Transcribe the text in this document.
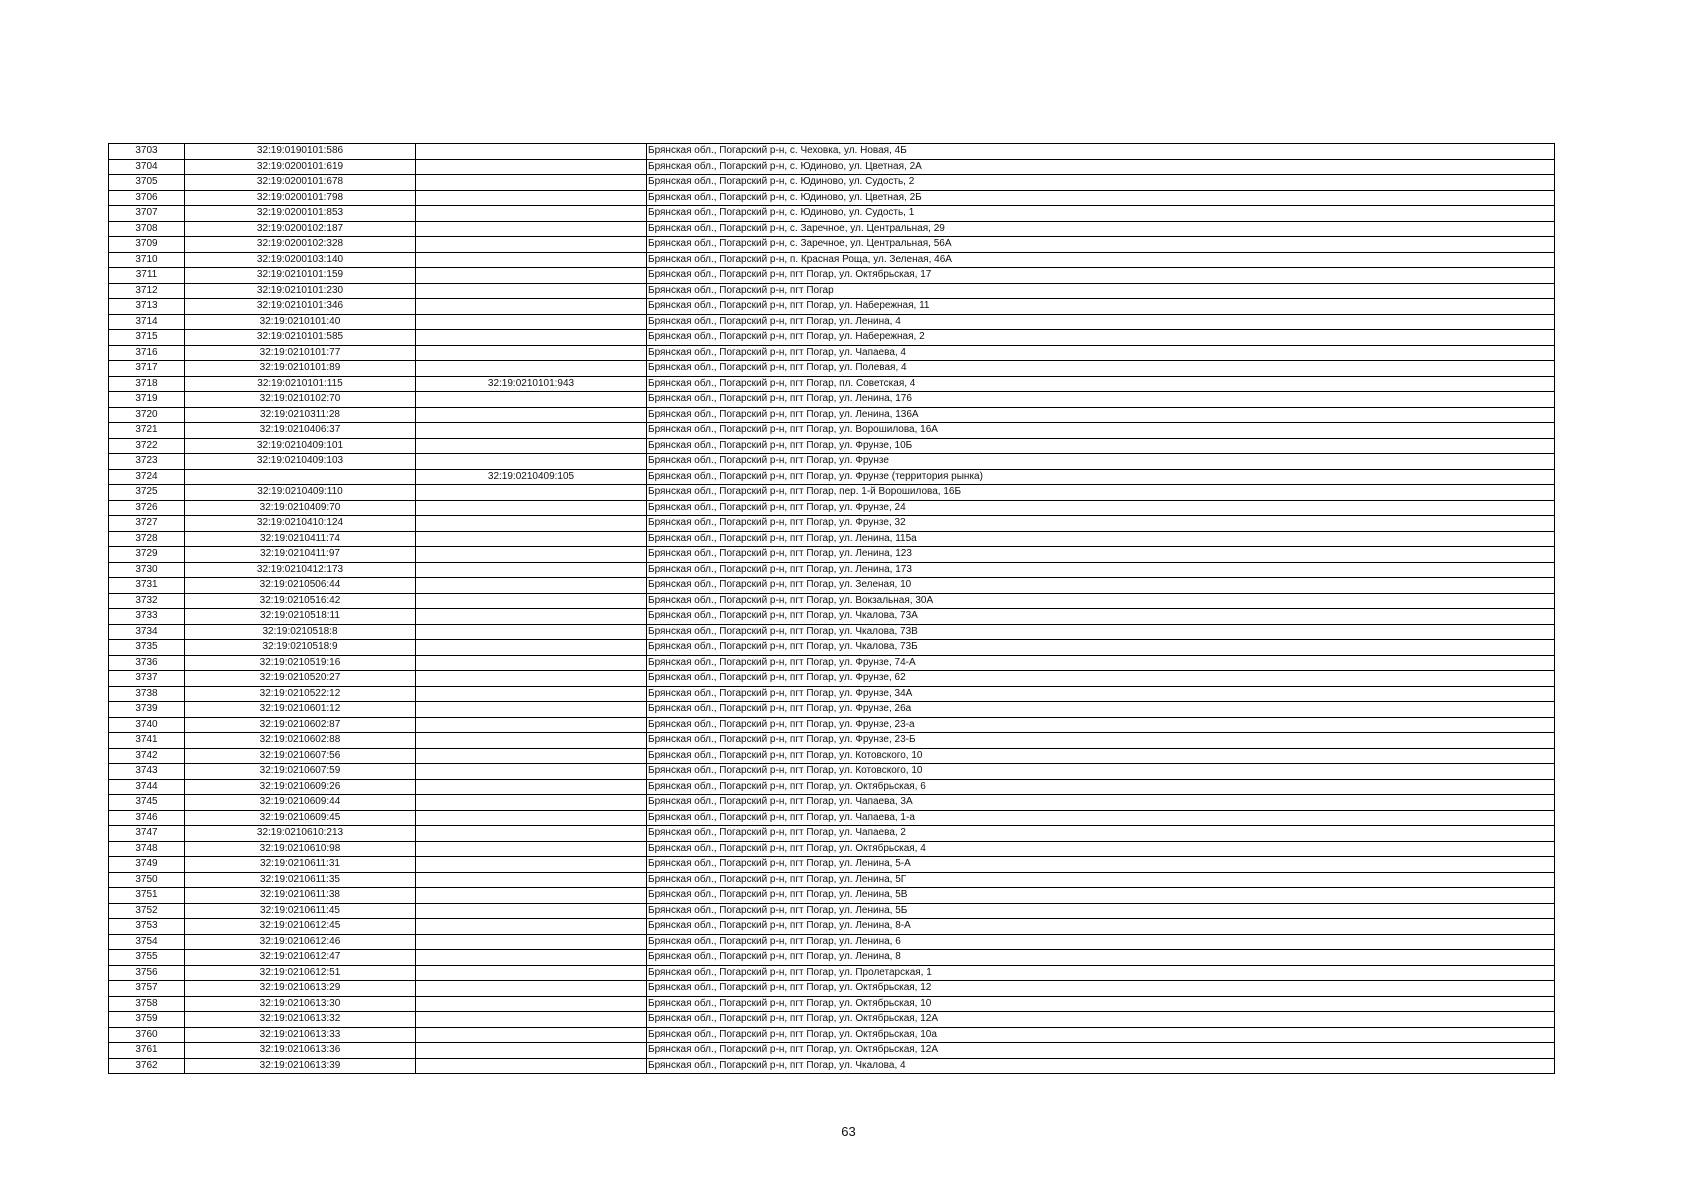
3703	32:19:0190101:586		Брянская обл., Погарский р-н, с. Чеховка, ул. Новая, 4Б
3704	32:19:0200101:619		Брянская обл., Погарский р-н, с. Юдиново, ул. Цветная, 2А
3705	32:19:0200101:678		Брянская обл., Погарский р-н, с. Юдиново, ул. Судость, 2
3706	32:19:0200101:798		Брянская обл., Погарский р-н, с. Юдиново, ул. Цветная, 2Б
3707	32:19:0200101:853		Брянская обл., Погарский р-н, с. Юдиново, ул. Судость, 1
3708	32:19:0200102:187		Брянская обл., Погарский р-н, с. Заречное, ул. Центральная, 29
3709	32:19:0200102:328		Брянская обл., Погарский р-н, с. Заречное, ул. Центральная, 56А
3710	32:19:0200103:140		Брянская обл., Погарский р-н, п. Красная Роща, ул. Зеленая, 46А
3711	32:19:0210101:159		Брянская обл., Погарский р-н, пгт Погар, ул. Октябрьская, 17
3712	32:19:0210101:230		Брянская обл., Погарский р-н, пгт Погар
3713	32:19:0210101:346		Брянская обл., Погарский р-н, пгт Погар, ул. Набережная, 11
3714	32:19:0210101:40		Брянская обл., Погарский р-н, пгт Погар, ул. Ленина, 4
3715	32:19:0210101:585		Брянская обл., Погарский р-н, пгт Погар, ул. Набережная, 2
3716	32:19:0210101:77		Брянская обл., Погарский р-н, пгт Погар, ул. Чапаева, 4
3717	32:19:0210101:89		Брянская обл., Погарский р-н, пгт Погар, ул. Полевая, 4
3718	32:19:0210101:115	32:19:0210101:943	Брянская обл., Погарский р-н, пгт Погар, пл. Советская, 4
3719	32:19:0210102:70		Брянская обл., Погарский р-н, пгт Погар, ул. Ленина, 176
3720	32:19:0210311:28		Брянская обл., Погарский р-н, пгт Погар, ул. Ленина, 136А
3721	32:19:0210406:37		Брянская обл., Погарский р-н, пгт Погар, ул. Ворошилова, 16А
3722	32:19:0210409:101		Брянская обл., Погарский р-н, пгт Погар, ул. Фрунзе, 10Б
3723	32:19:0210409:103		Брянская обл., Погарский р-н, пгт Погар, ул. Фрунзе
3724		32:19:0210409:105	Брянская обл., Погарский р-н, пгт Погар, ул. Фрунзе (территория рынка)
3725	32:19:0210409:110		Брянская обл., Погарский р-н, пгт Погар, пер. 1-й Ворошилова, 16Б
3726	32:19:0210409:70		Брянская обл., Погарский р-н, пгт Погар, ул. Фрунзе, 24
3727	32:19:0210410:124		Брянская обл., Погарский р-н, пгт Погар, ул. Фрунзе, 32
3728	32:19:0210411:74		Брянская обл., Погарский р-н, пгт Погар, ул. Ленина, 115а
3729	32:19:0210411:97		Брянская обл., Погарский р-н, пгт Погар, ул. Ленина, 123
3730	32:19:0210412:173		Брянская обл., Погарский р-н, пгт Погар, ул. Ленина, 173
3731	32:19:0210506:44		Брянская обл., Погарский р-н, пгт Погар, ул. Зеленая, 10
3732	32:19:0210516:42		Брянская обл., Погарский р-н, пгт Погар, ул. Вокзальная, 30А
3733	32:19:0210518:11		Брянская обл., Погарский р-н, пгт Погар, ул. Чкалова, 73А
3734	32:19:0210518:8		Брянская обл., Погарский р-н, пгт Погар, ул. Чкалова, 73В
3735	32:19:0210518:9		Брянская обл., Погарский р-н, пгт Погар, ул. Чкалова, 73Б
3736	32:19:0210519:16		Брянская обл., Погарский р-н, пгт Погар, ул. Фрунзе, 74-А
3737	32:19:0210520:27		Брянская обл., Погарский р-н, пгт Погар, ул. Фрунзе, 62
3738	32:19:0210522:12		Брянская обл., Погарский р-н, пгт Погар, ул. Фрунзе, 34А
3739	32:19:0210601:12		Брянская обл., Погарский р-н, пгт Погар, ул. Фрунзе, 26а
3740	32:19:0210602:87		Брянская обл., Погарский р-н, пгт Погар, ул. Фрунзе, 23-а
3741	32:19:0210602:88		Брянская обл., Погарский р-н, пгт Погар, ул. Фрунзе, 23-Б
3742	32:19:0210607:56		Брянская обл., Погарский р-н, пгт Погар, ул. Котовского, 10
3743	32:19:0210607:59		Брянская обл., Погарский р-н, пгт Погар, ул. Котовского, 10
3744	32:19:0210609:26		Брянская обл., Погарский р-н, пгт Погар, ул. Октябрьская, 6
3745	32:19:0210609:44		Брянская обл., Погарский р-н, пгт Погар, ул. Чапаева, 3А
3746	32:19:0210609:45		Брянская обл., Погарский р-н, пгт Погар, ул. Чапаева, 1-а
3747	32:19:0210610:213		Брянская обл., Погарский р-н, пгт Погар, ул. Чапаева, 2
3748	32:19:0210610:98		Брянская обл., Погарский р-н, пгт Погар, ул. Октябрьская, 4
3749	32:19:0210611:31		Брянская обл., Погарский р-н, пгт Погар, ул. Ленина, 5-А
3750	32:19:0210611:35		Брянская обл., Погарский р-н, пгт Погар, ул. Ленина, 5Г
3751	32:19:0210611:38		Брянская обл., Погарский р-н, пгт Погар, ул. Ленина, 5В
3752	32:19:0210611:45		Брянская обл., Погарский р-н, пгт Погар, ул. Ленина, 5Б
3753	32:19:0210612:45		Брянская обл., Погарский р-н, пгт Погар, ул. Ленина, 8-А
3754	32:19:0210612:46		Брянская обл., Погарский р-н, пгт Погар, ул. Ленина, 6
3755	32:19:0210612:47		Брянская обл., Погарский р-н, пгт Погар, ул. Ленина, 8
3756	32:19:0210612:51		Брянская обл., Погарский р-н, пгт Погар, ул. Пролетарская, 1
3757	32:19:0210613:29		Брянская обл., Погарский р-н, пгт Погар, ул. Октябрьская, 12
3758	32:19:0210613:30		Брянская обл., Погарский р-н, пгт Погар, ул. Октябрьская, 10
3759	32:19:0210613:32		Брянская обл., Погарский р-н, пгт Погар, ул. Октябрьская, 12А
3760	32:19:0210613:33		Брянская обл., Погарский р-н, пгт Погар, ул. Октябрьская, 10а
3761	32:19:0210613:36		Брянская обл., Погарский р-н, пгт Погар, ул. Октябрьская, 12А
3762	32:19:0210613:39		Брянская обл., Погарский р-н, пгт Погар, ул. Чкалова, 4
63
